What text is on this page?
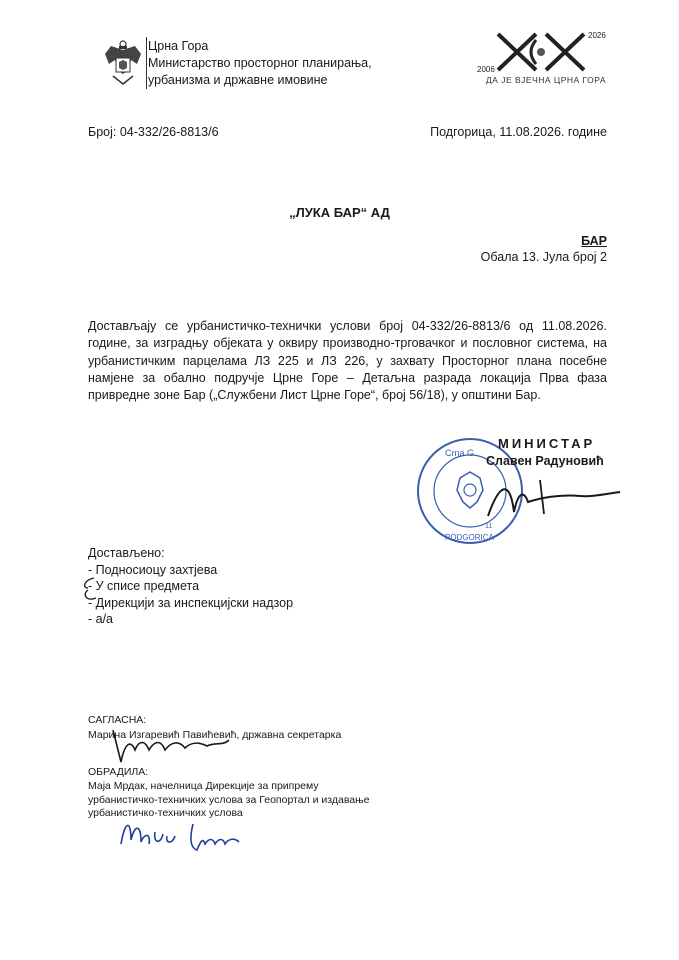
Црна Гора
Министарство просторног планирања,
урбанизма и државне имовине
2006
2026
ДА ЈЕ ВЈЕЧНА ЦРНА ГОРА
Број: 04-332/26-8813/6	Подгорица, 11.08.2026. године
„ЛУКА БАР“ АД
БАР
Обала 13. Јула број 2
Достављају се урбанистичко-технички услови број 04-332/26-8813/6 од 11.08.2026. године, за изградњу објеката у оквиру производно-трговачког и пословног система, на урбанистичким парцелама ЛЗ 225 и ЛЗ 226, у захвату Просторног плана посебне намјене за обално подручје Црне Горе – Детаљна разрада локација Прва фаза привредне зоне Бар („Службени Лист Црне Горе“, број 56/18), у општини Бар.
Crna G
11
PODGORICA
МИНИСТАР
Славен Радуновић
Достављено:
- Подносиоцу захтјева
- У списе предмета
- Дирекцији за инспекцијски надзор
- а/а
САГЛАСНА:
Марина Изгаревић Павићевић, државна секретарка
ОБРАДИЛА:
Маја Мрдак, начелница Дирекције за припрему урбанистичко-техничких услова за Геопортал и издавање урбанистичко-техничких услова
